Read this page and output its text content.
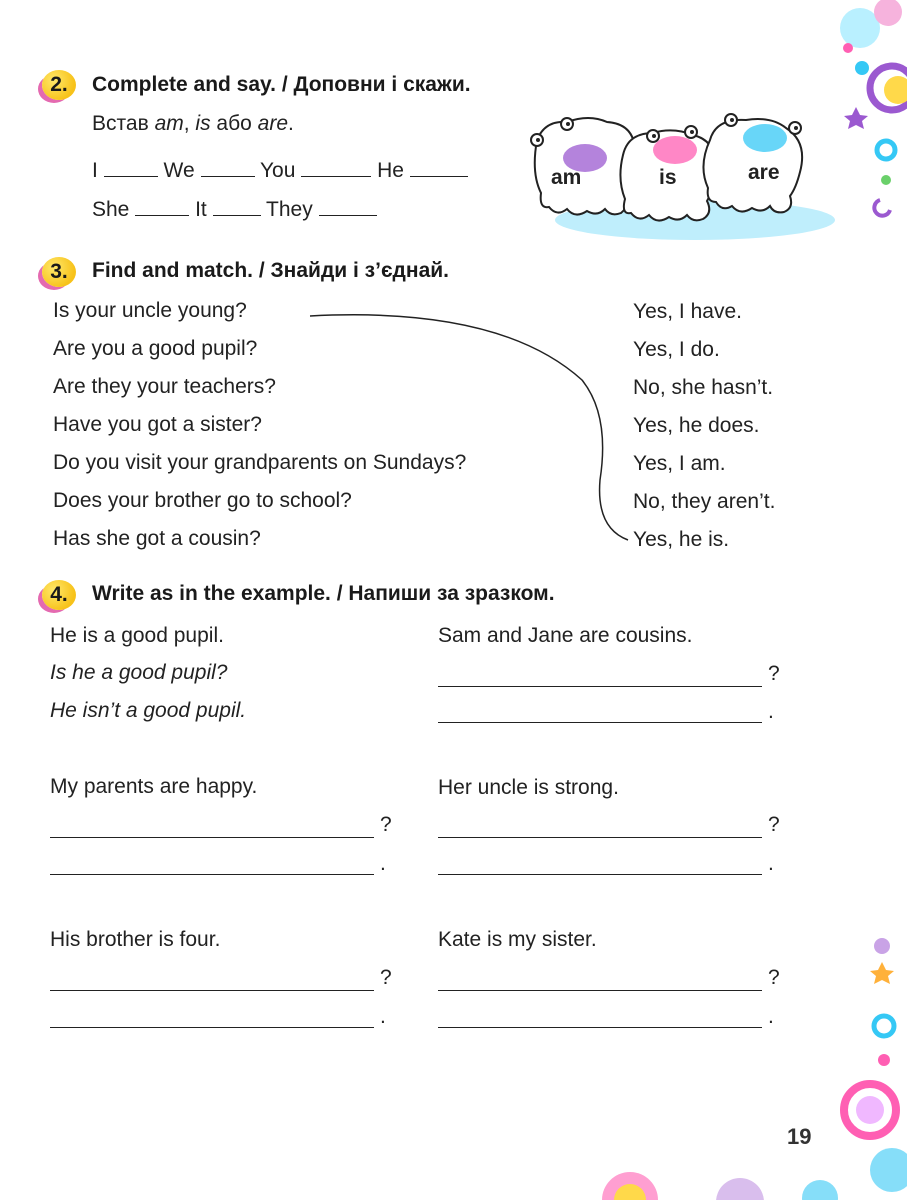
2.	Complete and say. / Доповни і скажи.
Встав am, is або are.
I	We	You	He
She	It	They
am	is	are
3.	Find and match. / Знайди і з’єднай.
Is your uncle young?
Are you a good pupil?
Are they your teachers?
Have you got a sister?
Do you visit your grandparents on Sundays?
Does your brother go to school?
Has she got a cousin?
Yes, I have.
Yes, I do.
No, she hasn’t.
Yes, he does.
Yes, I am.
No, they aren’t.
Yes, he is.
4.	Write as in the example. / Напиши за зразком.
He is a good pupil.
Is he a good pupil?
He isn’t a good pupil.
Sam and Jane are cousins.
?
.
My parents are happy.
?
.
Her uncle is strong.
?
.
His brother is four.
?
.
Kate is my sister.
?
.
19
